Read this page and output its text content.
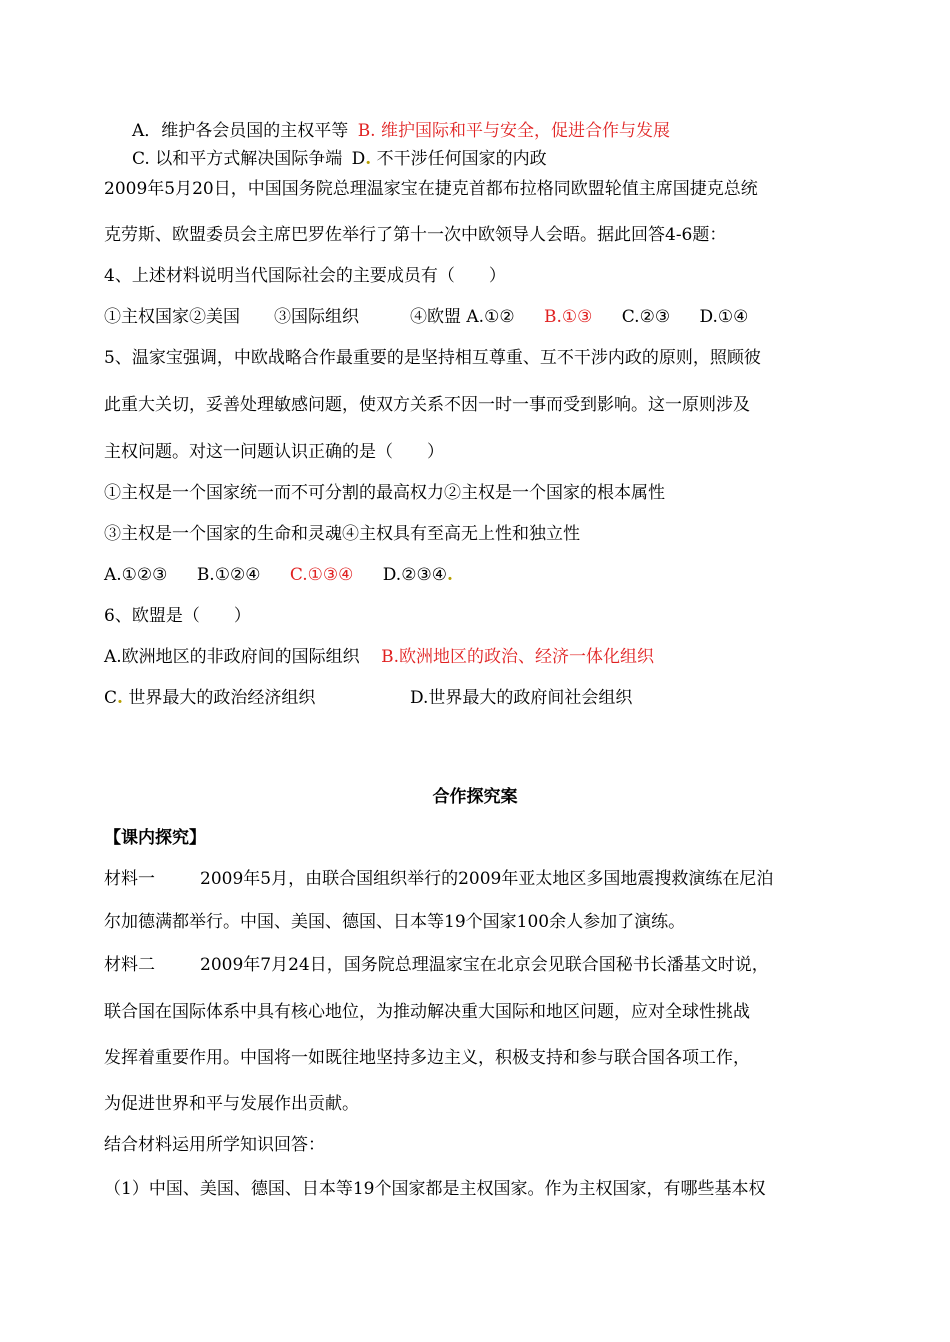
A．维护各会员国的主权平等 B. 维护国际和平与安全，促进合作与发展
C. 以和平方式解决国际争端 D. 不干涉任何国家的内政
2009年5月20日，中国国务院总理温家宝在捷克首都布拉格同欧盟轮值主席国捷克总统
克劳斯、欧盟委员会主席巴罗佐举行了第十一次中欧领导人会晤。据此回答4-6题：
4、上述材料说明当代国际社会的主要成员有（　　）
①主权国家②美国　　③国际组织　　　④欧盟 A.①② B.①③ C.②③ D.①④
5、温家宝强调，中欧战略合作最重要的是坚持相互尊重、互不干涉内政的原则，照顾彼
此重大关切，妥善处理敏感问题，使双方关系不因一时一事而受到影响。这一原则涉及
主权问题。对这一问题认识正确的是（　　）
①主权是一个国家统一而不可分割的最高权力②主权是一个国家的根本属性
③主权是一个国家的生命和灵魂④主权具有至高无上性和独立性
A.①②③ B.①②④ C.①③④ D.②③④.
6、欧盟是（　　）
A.欧洲地区的非政府间的国际组织 B.欧洲地区的政治、经济一体化组织
C. 世界最大的政治经济组织	D.世界最大的政府间社会组织
合作探究案
【课内探究】
材料一	2009年5月，由联合国组织举行的2009年亚太地区多国地震搜救演练在尼泊
尔加德满都举行。中国、美国、德国、日本等19个国家100余人参加了演练。
材料二	2009年7月24日，国务院总理温家宝在北京会见联合国秘书长潘基文时说，
联合国在国际体系中具有核心地位，为推动解决重大国际和地区问题，应对全球性挑战
发挥着重要作用。中国将一如既往地坚持多边主义，积极支持和参与联合国各项工作，
为促进世界和平与发展作出贡献。
结合材料运用所学知识回答：
（1）中国、美国、德国、日本等19个国家都是主权国家。作为主权国家，有哪些基本权
